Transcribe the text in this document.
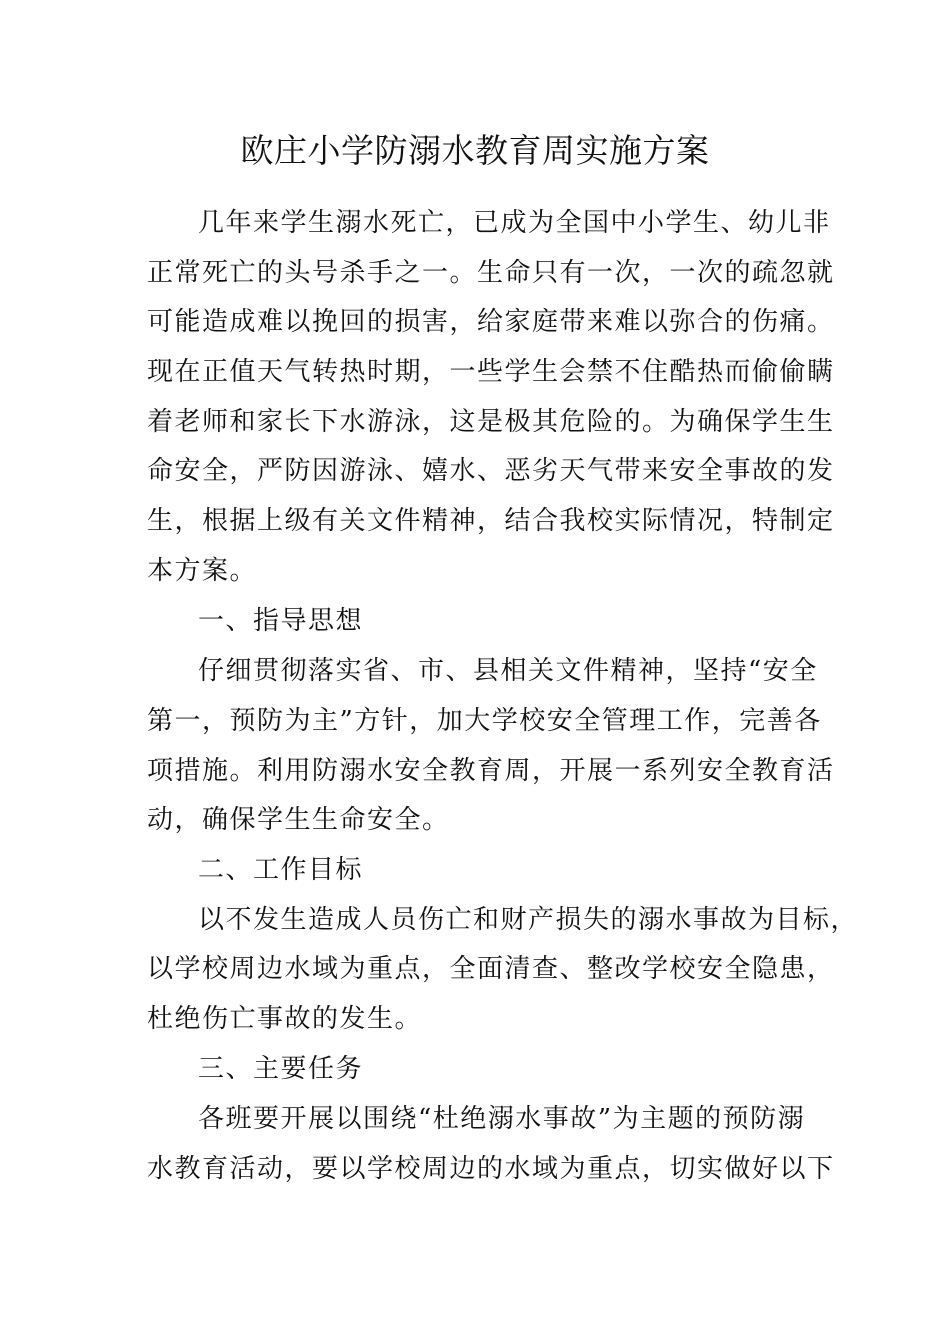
欧庄小学防溺水教育周实施方案
几年来学生溺水死亡，已成为全国中小学生、幼儿非
正常死亡的头号杀手之一。生命只有一次，一次的疏忽就
可能造成难以挽回的损害，给家庭带来难以弥合的伤痛。
现在正值天气转热时期，一些学生会禁不住酷热而偷偷瞒
着老师和家长下水游泳，这是极其危险的。为确保学生生
命安全，严防因游泳、嬉水、恶劣天气带来安全事故的发
生，根据上级有关文件精神，结合我校实际情况，特制定
本方案。
一、指导思想
仔细贯彻落实省、市、县相关文件精神，坚持“安全
第一，预防为主”方针，加大学校安全管理工作，完善各
项措施。利用防溺水安全教育周，开展一系列安全教育活
动，确保学生生命安全。
二、工作目标
以不发生造成人员伤亡和财产损失的溺水事故为目标，
以学校周边水域为重点，全面清查、整改学校安全隐患，
杜绝伤亡事故的发生。
三、主要任务
各班要开展以围绕“杜绝溺水事故”为主题的预防溺
水教育活动，要以学校周边的水域为重点，切实做好以下
